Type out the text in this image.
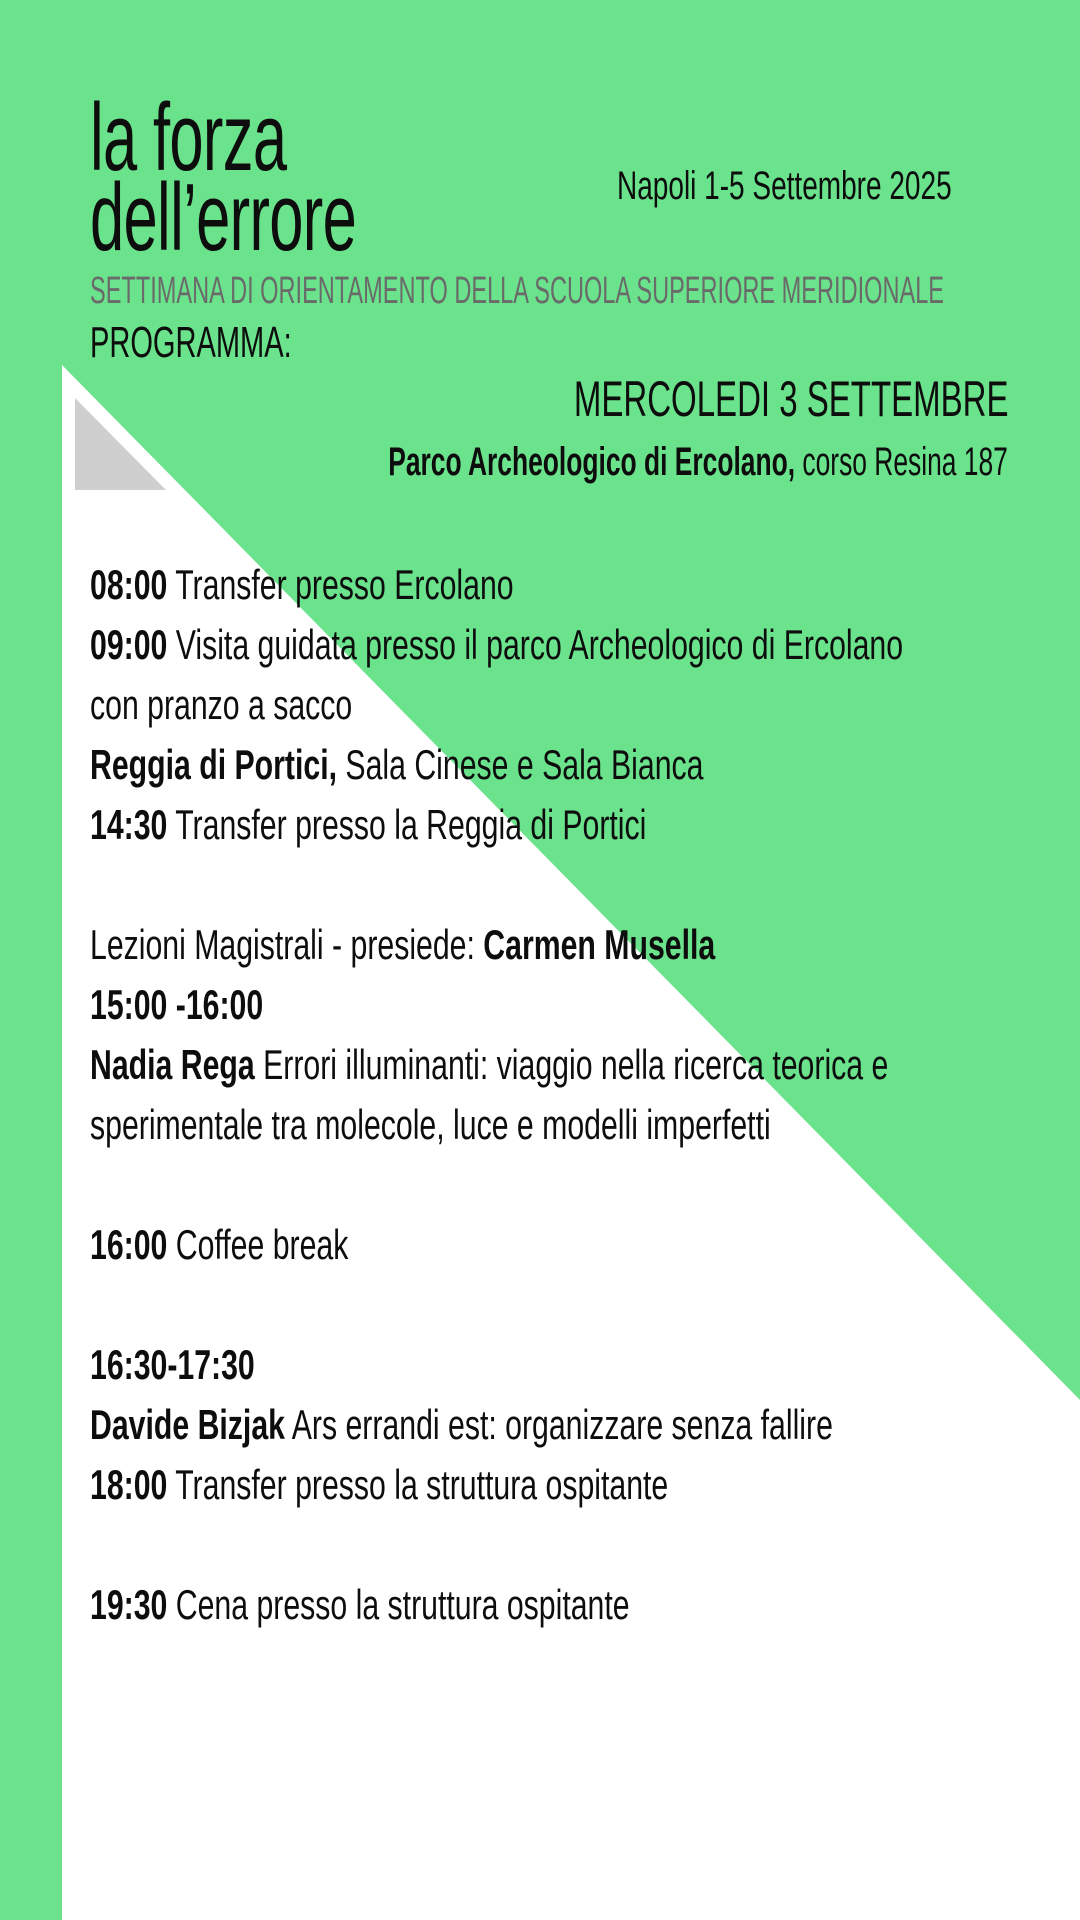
la forza
dell’errore	Napoli 1-5 Settembre 2025
SETTIMANA DI ORIENTAMENTO DELLA SCUOLA SUPERIORE MERIDIONALE
PROGRAMMA:
MERCOLEDI 3 SETTEMBRE
Parco Archeologico di Ercolano, corso Resina 187
08:00 Transfer presso Ercolano
09:00 Visita guidata presso il parco Archeologico di Ercolano
con pranzo a sacco
Reggia di Portici, Sala Cinese e Sala Bianca
14:30 Transfer presso la Reggia di Portici
Lezioni Magistrali - presiede: Carmen Musella
15:00 -16:00
Nadia Rega Errori illuminanti: viaggio nella ricerca teorica e
sperimentale tra molecole, luce e modelli imperfetti
16:00 Coffee break
16:30-17:30
Davide Bizjak Ars errandi est: organizzare senza fallire
18:00 Transfer presso la struttura ospitante
19:30 Cena presso la struttura ospitante
